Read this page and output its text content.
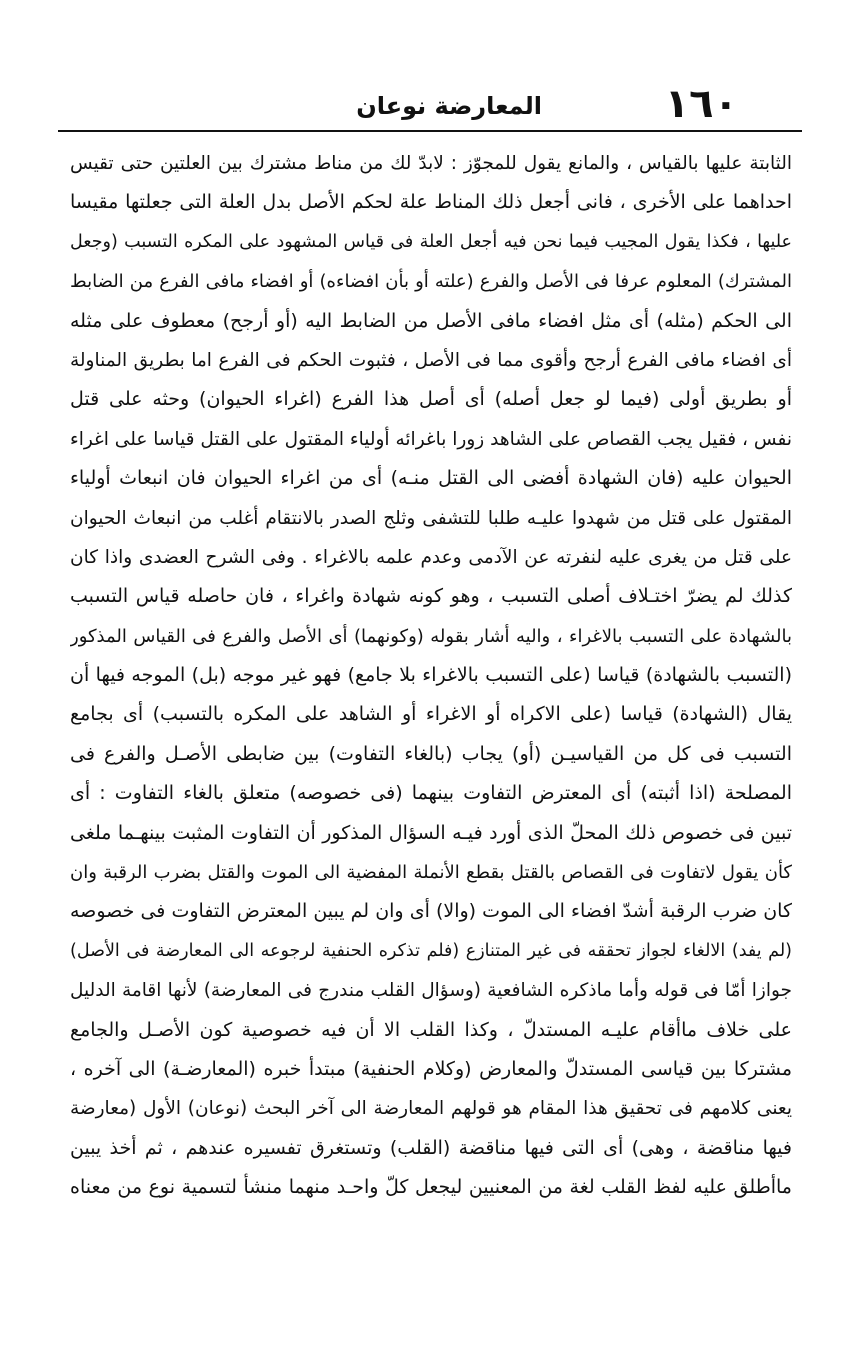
١٦٠
المعارضة نوعان
الثابتة عليها بالقياس ، والمانع يقول للمجوّز : لابدّ لك من مناط مشترك بين العلتين حتى تقيس
احداهما على الأخرى ، فانى أجعل ذلك المناط علة لحكم الأصل بدل العلة التى جعلتها مقيسا
عليها ، فكذا يقول المجيب فيما نحن فيه أجعل العلة فى قياس المشهود على المكره التسبب (وجعل
المشترك) المعلوم عرفا فى الأصل والفرع (علته أو بأن افضاءه) أو افضاء مافى الفرع من الضابط
الى الحكم (مثله) أى مثل افضاء مافى الأصل من الضابط اليه (أو أرجح) معطوف على مثله
أى افضاء مافى الفرع أرجح وأقوى مما فى الأصل ، فثبوت الحكم فى الفرع اما بطريق المناولة
أو بطريق أولى (فيما لو جعل أصله) أى أصل هذا الفرع (اغراء الحيوان) وحثه على قتل
نفس ، فقيل يجب القصاص على الشاهد زورا باغرائه أولياء المقتول على القتل قياسا على اغراء
الحيوان عليه (فان الشهادة أفضى الى القتل منـه) أى من اغراء الحيوان فان انبعاث أولياء
المقتول على قتل من شهدوا عليـه طلبا للتشفى وثلج الصدر بالانتقام أغلب من انبعاث الحيوان
على قتل من يغرى عليه لنفرته عن الآدمى وعدم علمه بالاغراء . وفى الشرح العضدى واذا كان
كذلك لم يضرّ اختـلاف أصلى التسبب ، وهو كونه شهادة واغراء ، فان حاصله قياس التسبب
بالشهادة على التسبب بالاغراء ، واليه أشار بقوله (وكونهما) أى الأصل والفرع فى القياس المذكور
(التسبب بالشهادة) قياسا (على التسبب بالاغراء بلا جامع) فهو غير موجه (بل) الموجه فيها أن
يقال (الشهادة) قياسا (على الاكراه أو الاغراء أو الشاهد على المكره بالتسبب) أى بجامع
التسبب فى كل من القياسيـن (أو) يجاب (بالغاء التفاوت) بين ضابطى الأصـل والفرع فى
المصلحة (اذا أثبته) أى المعترض التفاوت بينهما (فى خصوصه) متعلق بالغاء التفاوت : أى
تبين فى خصوص ذلك المحلّ الذى أورد فيـه السؤال المذكور أن التفاوت المثبت بينهـما ملغى
كأن يقول لاتفاوت فى القصاص بالقتل بقطع الأنملة المفضية الى الموت والقتل بضرب الرقبة وان
كان ضرب الرقبة أشدّ افضاء الى الموت (والا) أى وان لم يبين المعترض التفاوت فى خصوصه
(لم يفد) الالغاء لجواز تحققه فى غير المتنازع (فلم تذكره الحنفية لرجوعه الى المعارضة فى الأصل)
جوازا أمّا فى قوله وأما ماذكره الشافعية (وسؤال القلب مندرج فى المعارضة) لأنها اقامة الدليل
على خلاف ماأقام عليـه المستدلّ ، وكذا القلب الا أن فيه خصوصية كون الأصـل والجامع
مشتركا بين قياسى المستدلّ والمعارض (وكلام الحنفية) مبتدأ خبره (المعارضـة) الى آخره ،
يعنى كلامهم فى تحقيق هذا المقام هو قولهم المعارضة الى آخر البحث (نوعان) الأول (معارضة
فيها مناقضة ، وهى) أى التى فيها مناقضة (القلب) وتستغرق تفسيره عندهم ، ثم أخذ يبين
ماأطلق عليه لفظ القلب لغة من المعنيين ليجعل كلّ واحـد منهما منشأ لتسمية نوع من معناه
